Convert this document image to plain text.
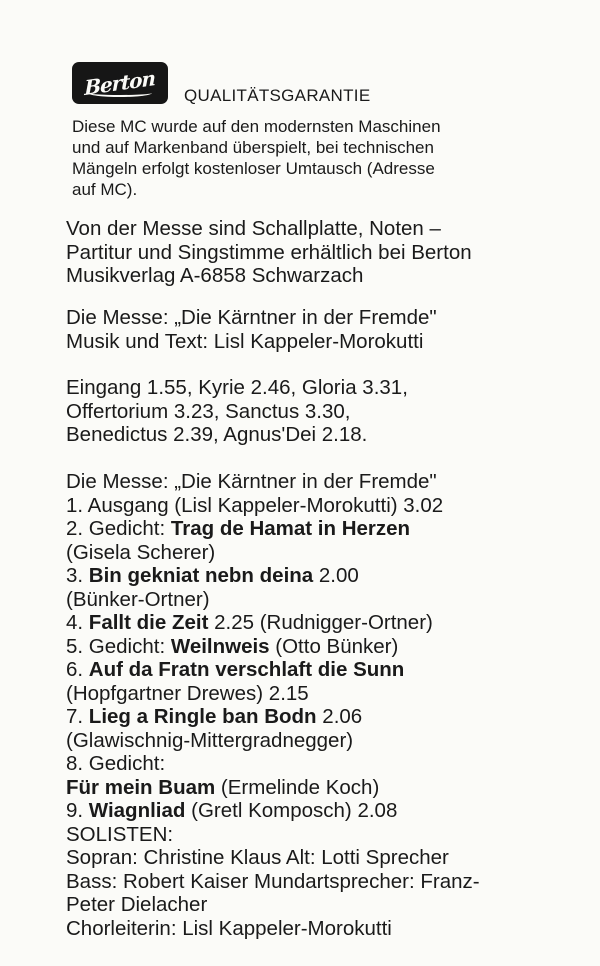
Berton QUALITÄTSGARANTIE
Diese MC wurde auf den modernsten Maschinen
und auf Markenband überspielt, bei technischen
Mängeln erfolgt kostenloser Umtausch (Adresse
auf MC).
Von der Messe sind Schallplatte, Noten –
Partitur und Singstimme erhältlich bei Berton
Musikverlag A-6858 Schwarzach
Die Messe: „Die Kärntner in der Fremde"
Musik und Text: Lisl Kappeler-Morokutti
Eingang 1.55, Kyrie 2.46, Gloria 3.31,
Offertorium 3.23, Sanctus 3.30,
Benedictus 2.39, Agnus'Dei 2.18.
Die Messe: „Die Kärntner in der Fremde"
1. Ausgang (Lisl Kappeler-Morokutti) 3.02
2. Gedicht: Trag de Hamat in Herzen
(Gisela Scherer)
3. Bin gekniat nebn deina 2.00
(Bünker-Ortner)
4. Fallt die Zeit 2.25 (Rudnigger-Ortner)
5. Gedicht: Weilnweis (Otto Bünker)
6. Auf da Fratn verschlaft die Sunn
(Hopfgartner Drewes) 2.15
7. Lieg a Ringle ban Bodn 2.06
(Glawischnig-Mittergradnegger)
8. Gedicht:
Für mein Buam (Ermelinde Koch)
9. Wiagnliad (Gretl Komposch) 2.08
SOLISTEN:
Sopran: Christine Klaus Alt: Lotti Sprecher
Bass: Robert Kaiser Mundartsprecher: Franz-
Peter Dielacher
Chorleiterin: Lisl Kappeler-Morokutti
